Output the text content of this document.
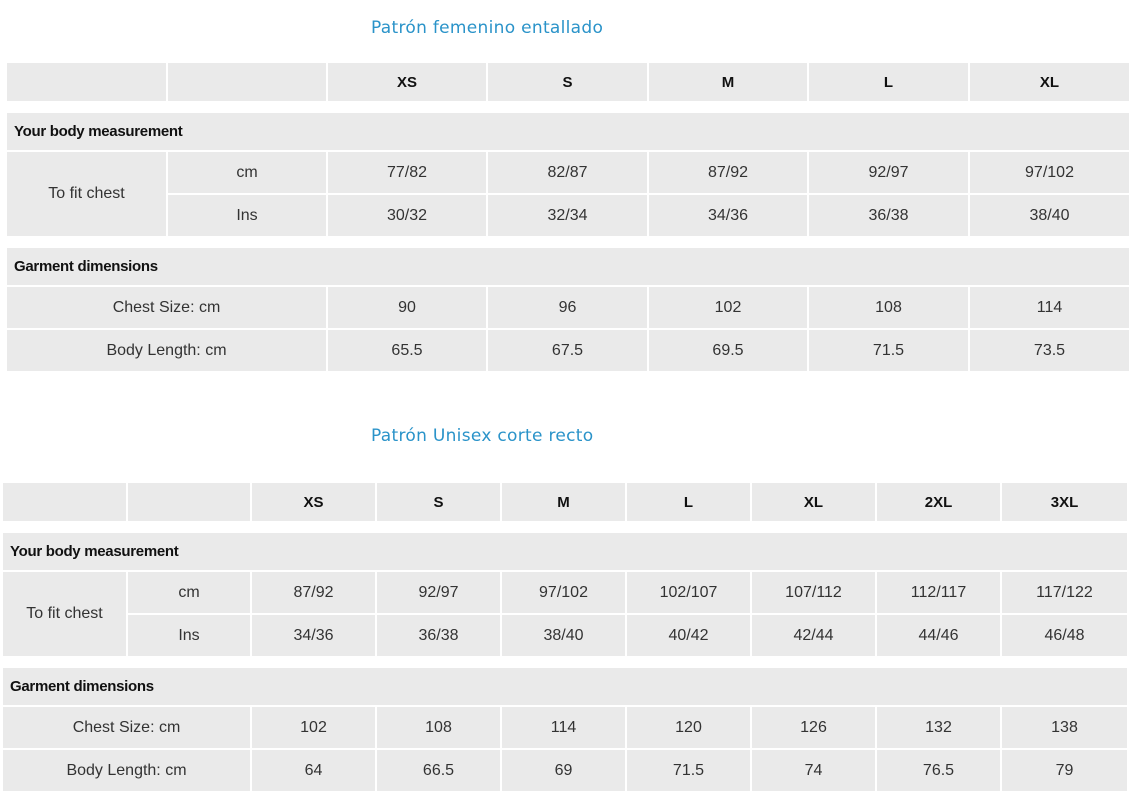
Patrón femenino entallado
		XS	S	M	L	XL

Your body measurement						
To fit chest	cm	77/82	82/87	87/92	92/97	97/102
	Ins	30/32	32/34	34/36	36/38	38/40

Garment dimensions						
Chest Size: cm		90	96	102	108	114
Body Length: cm		65.5	67.5	69.5	71.5	73.5
Patrón Unisex corte recto
		XS	S	M	L	XL	2XL	3XL

Your body measurement								
To fit chest	cm	87/92	92/97	97/102	102/107	107/112	112/117	117/122
	Ins	34/36	36/38	38/40	40/42	42/44	44/46	46/48

Garment dimensions								
Chest Size: cm		102	108	114	120	126	132	138
Body Length: cm		64	66.5	69	71.5	74	76.5	79
